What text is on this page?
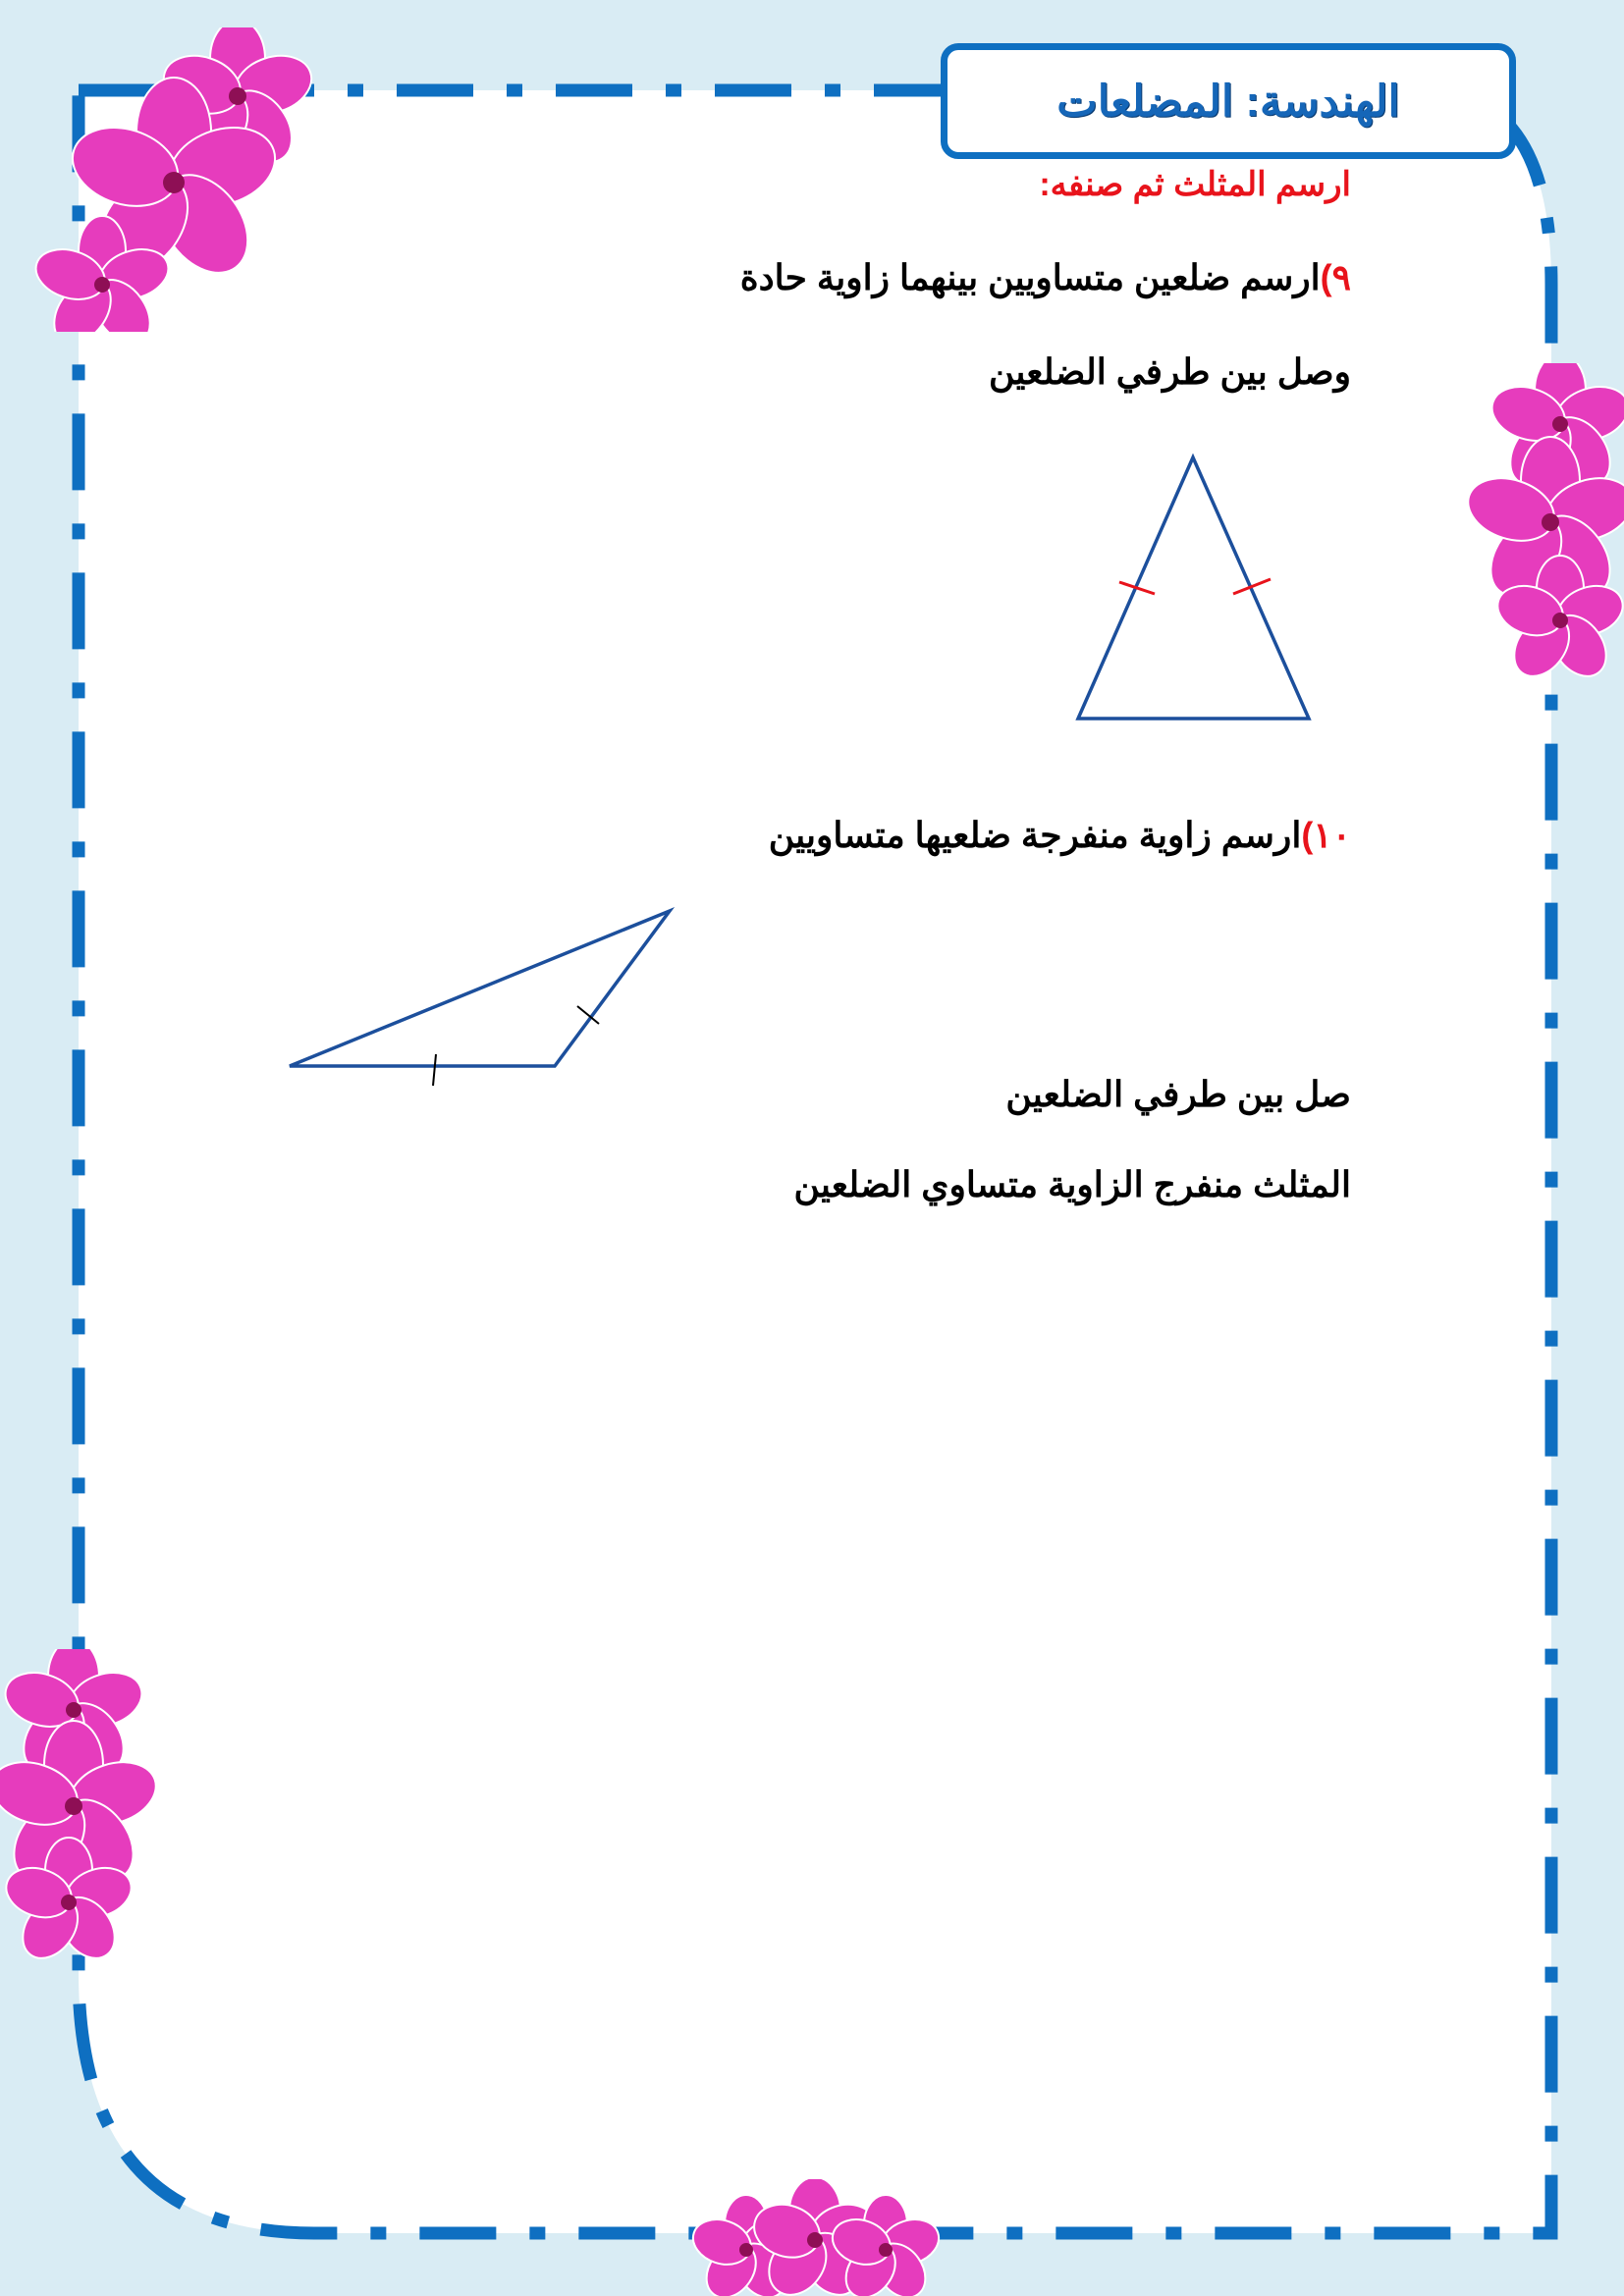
الهندسة: المضلعات
ارسم المثلث ثم صنفه:
٩)ارسم ضلعين متساويين بينهما زاوية حادة
وصل بين طرفي الضلعين
١٠)ارسم زاوية منفرجة ضلعيها متساويين
صل بين طرفي الضلعين
المثلث منفرج الزاوية متساوي الضلعين
